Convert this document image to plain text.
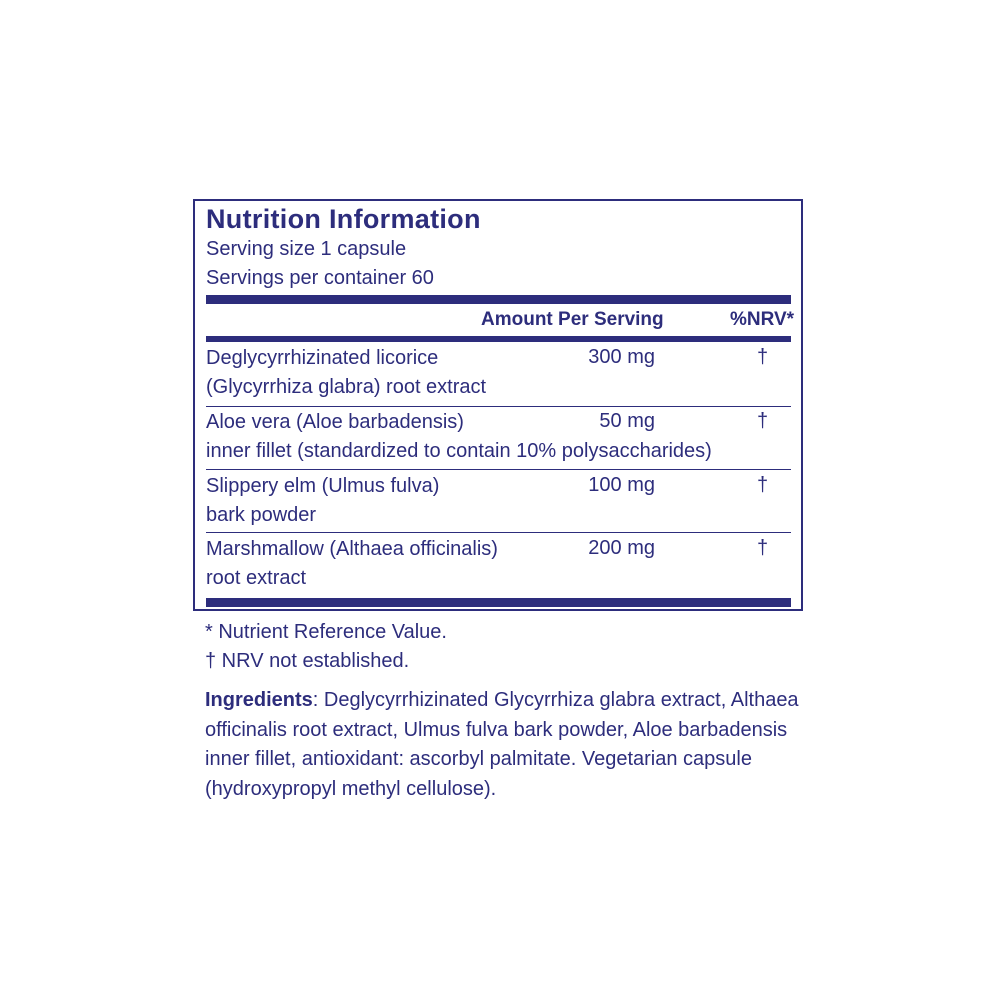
Nutrition Information
Serving size 1 capsule
Servings per container 60
Amount Per Serving	%NRV*
Deglycyrrhizinated licorice
(Glycyrrhiza glabra) root extract
300 mg	†
Aloe vera (Aloe barbadensis)
inner fillet (standardized to contain 10% polysaccharides)
50 mg	†
Slippery elm (Ulmus fulva)
bark powder
100 mg	†
Marshmallow (Althaea officinalis)
root extract
200 mg	†
* Nutrient Reference Value.
† NRV not established.
Ingredients: Deglycyrrhizinated Glycyrrhiza glabra extract, Althaea officinalis root extract, Ulmus fulva bark powder, Aloe barbadensis inner fillet, antioxidant: ascorbyl palmitate. Vegetarian capsule (hydroxypropyl methyl cellulose).
